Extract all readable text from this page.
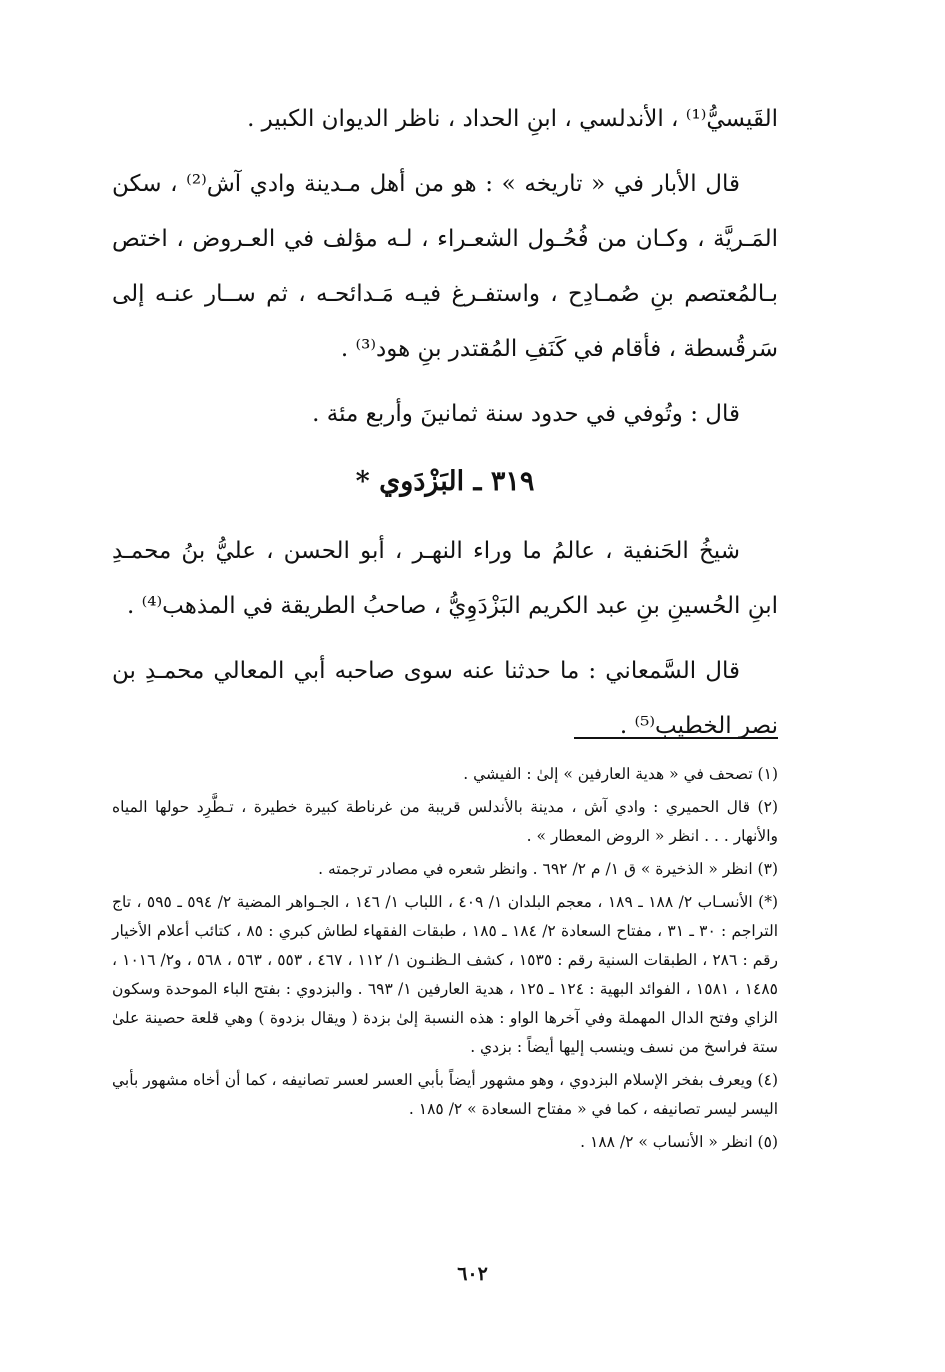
القَيسيُّ⁽¹⁾ ، الأندلسي ، ابنِ الحداد ، ناظر الديوان الكبير .

قال الأبار في « تاريخه » : هو من أهل مـدينة وادي آش⁽²⁾ ، سكن المَـريَّة ، وكـان من فُحُـول الشعـراء ، لـه مؤلف في العـروض ، اختص بـالمُعتصم بنِ صُمـادِح ، واستفـرغ فيـه مَـدائحـه ، ثم ســار عنـه إلى سَرقُسطة ، فأقام في كَنَفِ المُقتدر بنِ هود⁽³⁾ .

قال : وتُوفي في حدود سنة ثمانينَ وأربع مئة .

٣١٩ ـ البَزْدَوي *

شيخُ الحَنفية ، عالمُ ما وراء النهـر ، أبو الحسن ، عليُّ بنُ محمـدِ ابنِ الحُسينِ بنِ عبد الكريم البَزْدَوِيُّ ، صاحبُ الطريقة في المذهب⁽⁴⁾ .

قال السَّمعاني : ما حدثنا عنه سوى صاحبه أبي المعالي محمـدِ بن نصر الخطيب⁽⁵⁾ .

(١) تصحف في « هدية العارفين » إلىٰ : الفيشي .

(٢) قال الحميري : وادي آش ، مدينة بالأندلس قريبة من غرناطة كبيرة خطيرة ، تـطَّرِد حولها المياه والأنهار . . . انظر « الروض المعطار » .

(٣) انظر « الذخيرة » ق ١/ م ٢/ ٦٩٢ . وانظر شعره في مصادر ترجمته .

(*) الأنسـاب ٢/ ١٨٨ ـ ١٨٩ ، معجم البلدان ١/ ٤٠٩ ، اللباب ١/ ١٤٦ ، الجـواهر المضية ٢/ ٥٩٤ ـ ٥٩٥ ، تاج التراجم : ٣٠ ـ ٣١ ، مفتاح السعادة ٢/ ١٨٤ ـ ١٨٥ ، طبقات الفقهاء لطاش كبري : ٨٥ ، كتائب أعلام الأخيار رقم : ٢٨٦ ، الطبقات السنية رقم : ١٥٣٥ ، كشف الـظنـون ١/ ١١٢ ، ٤٦٧ ، ٥٥٣ ، ٥٦٣ ، ٥٦٨ ، و٢/ ١٠١٦ ، ١٤٨٥ ، ١٥٨١ ، الفوائد البهية : ١٢٤ ـ ١٢٥ ، هدية العارفين ١/ ٦٩٣ . والبزدوي : بفتح الباء الموحدة وسكون الزاي وفتح الدال المهملة وفي آخرها الواو : هذه النسبة إلىٰ بزدة ( ويقال بزدوة ) وهي قلعة حصينة علىٰ ستة فراسخ من نسف وينسب إليها أيضاً : بزدي .

(٤) ويعرف بفخر الإسلام البزدوي ، وهو مشهور أيضاً بأبي العسر لعسر تصانيفه ، كما أن أخاه مشهور بأبي اليسر ليسر تصانيفه ، كما في « مفتاح السعادة » ٢/ ١٨٥ .

(٥) انظر « الأنساب » ٢/ ١٨٨ .

٦٠٢
